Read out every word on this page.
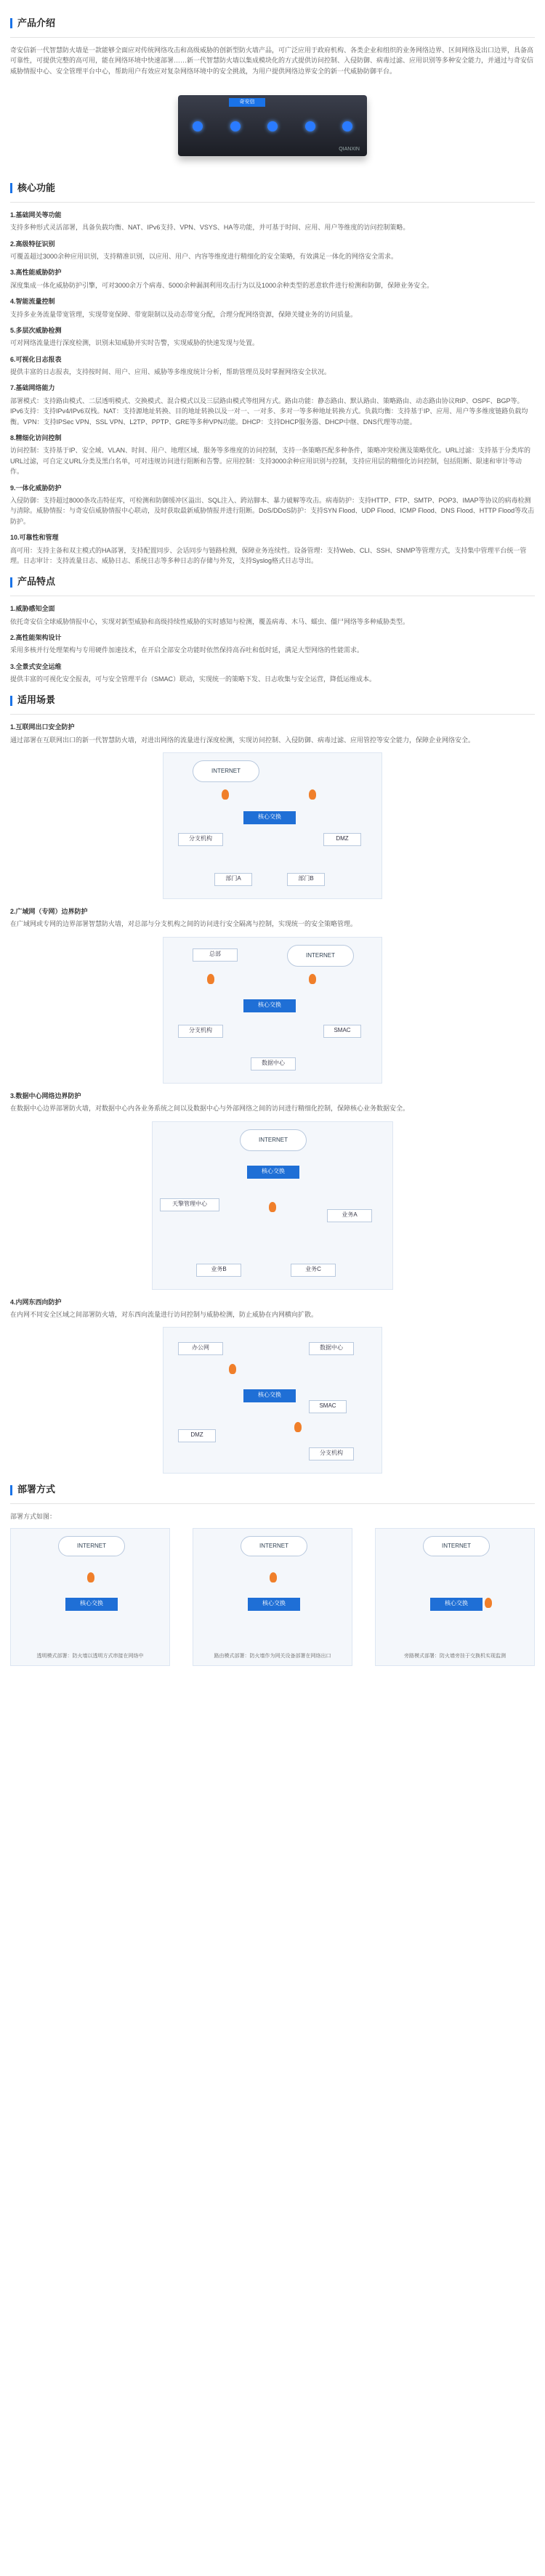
产品介绍

奇安信新一代智慧防火墙是一款能够全面应对传统网络攻击和高级威胁的创新型防火墙产品，可广泛应用于政府机构、各类企业和组织的业务网络边界、区间网络及出口边界，具备高可靠性，可提供完整的高可用，能在网络环境中快速部署……新一代智慧防火墙以集成模块化的方式提供访问控制、入侵防御、病毒过滤、应用识别等多种安全能力，并通过与奇安信威胁情报中心、安全管理平台中心，帮助用户有效应对复杂网络环境中的安全挑战，为用户提供网络边界安全的新一代威胁防御平台。

奇安信
QIANXIN
核心功能
1.基础网关等功能

支持多种形式灵活部署，具备负载均衡、NAT、IPv6支持、VPN、VSYS、HA等功能，并可基于时间、应用、用户等维度的访问控制策略。

2.高级特征识别

可覆盖超过3000余种应用识别，支持精准识别，以应用、用户、内容等维度进行精细化的安全策略，有效满足一体化的网络安全需求。

3.高性能威胁防护

深度集成一体化威胁防护引擎，可对3000余万个病毒、5000余种漏洞利用攻击行为以及1000余种类型的恶意软件进行检测和防御，保障业务安全。

4.智能流量控制

支持多业务流量带宽管理，实现带宽保障、带宽限制以及动态带宽分配，合理分配网络资源，保障关键业务的访问质量。

5.多层次威胁检测

可对网络流量进行深度检测，识别未知威胁并实时告警，实现威胁的快速发现与处置。

6.可视化日志报表

提供丰富的日志报表，支持按时间、用户、应用、威胁等多维度统计分析，帮助管理员及时掌握网络安全状况。

7.基础网络能力

部署模式：支持路由模式、二层透明模式、交换模式、混合模式以及三层路由模式等组网方式。路由功能：静态路由、默认路由、策略路由、动态路由协议RIP、OSPF、BGP等。IPv6支持：支持IPv4/IPv6双栈。NAT：支持源地址转换、目的地址转换以及一对一、一对多、多对一等多种地址转换方式。负载均衡：支持基于IP、应用、用户等多维度链路负载均衡。VPN：支持IPSec VPN、SSL VPN、L2TP、PPTP、GRE等多种VPN功能。DHCP：支持DHCP服务器、DHCP中继、DNS代理等功能。

8.精细化访问控制

访问控制：支持基于IP、安全域、VLAN、时间、用户、地理区域、服务等多维度的访问控制，支持一条策略匹配多种条件，策略冲突检测及策略优化。URL过滤：支持基于分类库的URL过滤，可自定义URL分类及黑白名单，可对违规访问进行阻断和告警。应用控制：支持3000余种应用识别与控制，支持应用层的精细化访问控制，包括阻断、限速和审计等动作。

9.一体化威胁防护

入侵防御：支持超过8000条攻击特征库，可检测和防御缓冲区溢出、SQL注入、跨站脚本、暴力破解等攻击。病毒防护：支持HTTP、FTP、SMTP、POP3、IMAP等协议的病毒检测与清除。威胁情报：与奇安信威胁情报中心联动，及时获取最新威胁情报并进行阻断。DoS/DDoS防护：支持SYN Flood、UDP Flood、ICMP Flood、DNS Flood、HTTP Flood等攻击防护。

10.可靠性和管理

高可用：支持主备和双主模式的HA部署，支持配置同步、会话同步与链路检测，保障业务连续性。设备管理：支持Web、CLI、SSH、SNMP等管理方式，支持集中管理平台统一管理。日志审计：支持流量日志、威胁日志、系统日志等多种日志的存储与外发，支持Syslog格式日志导出。

产品特点
1.威胁感知全面

依托奇安信全球威胁情报中心，实现对新型威胁和高级持续性威胁的实时感知与检测，覆盖病毒、木马、蠕虫、僵尸网络等多种威胁类型。

2.高性能架构设计

采用多核并行处理架构与专用硬件加速技术，在开启全部安全功能时依然保持高吞吐和低时延，满足大型网络的性能需求。

3.全景式安全运维

提供丰富的可视化安全报表，可与安全管理平台（SMAC）联动，实现统一的策略下发、日志收集与安全运营，降低运维成本。

适用场景
1.互联网出口安全防护

通过部署在互联网出口的新一代智慧防火墙，对进出网络的流量进行深度检测，实现访问控制、入侵防御、病毒过滤、应用管控等安全能力，保障企业网络安全。

INTERNET
核心交换
DMZ
分支机构
部门A	部门B
2.广域网（专网）边界防护

在广域网或专网的边界部署智慧防火墙，对总部与分支机构之间的访问进行安全隔离与控制，实现统一的安全策略管理。

INTERNET
总部
核心交换
分支机构
数据中心
SMAC
3.数据中心网络边界防护

在数据中心边界部署防火墙，对数据中心内各业务系统之间以及数据中心与外部网络之间的访问进行精细化控制，保障核心业务数据安全。

INTERNET
核心交换
天擎管理中心
业务A
业务B	业务C
4.内网东西向防护

在内网不同安全区域之间部署防火墙，对东西向流量进行访问控制与威胁检测，防止威胁在内网横向扩散。

办公网	数据中心
核心交换
DMZ
SMAC
分支机构
部署方式

部署方式如图：

INTERNET
核心交换
透明模式部署：防火墙以透明方式串接在网络中
INTERNET
核心交换
路由模式部署：防火墙作为网关设备部署在网络出口
INTERNET
核心交换
旁路模式部署：防火墙旁挂于交换机实现监测
